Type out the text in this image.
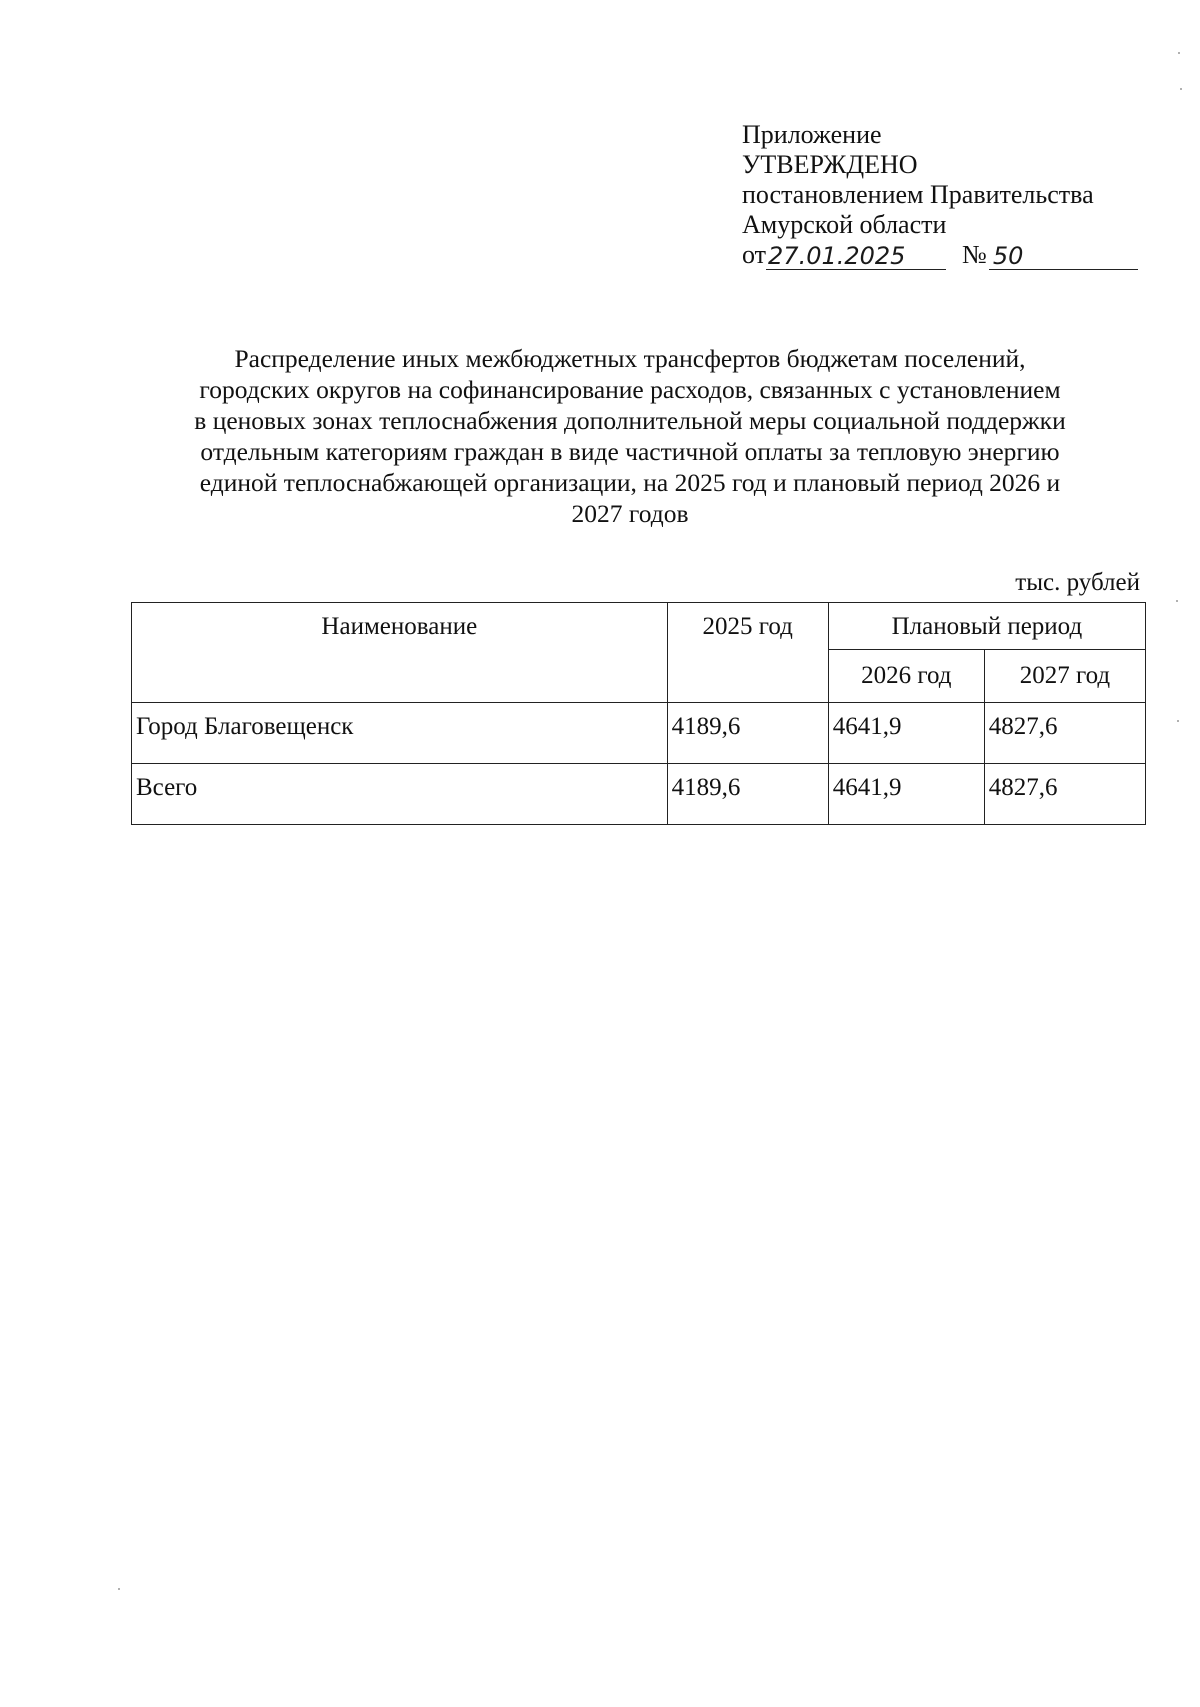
Приложение
УТВЕРЖДЕНО
постановлением Правительства
Амурской области
от 27.01.2025	№ 50
Распределение иных межбюджетных трансфертов бюджетам поселений,
городских округов на софинансирование расходов, связанных с установлением
в ценовых зонах теплоснабжения дополнительной меры социальной поддержки
отдельным категориям граждан в виде частичной оплаты за тепловую энергию
единой теплоснабжающей организации, на 2025 год и плановый период 2026 и
2027 годов
тыс. рублей
Наименование	2025 год	Плановый период	
		2026 год	2027 год
Город Благовещенск	4189,6	4641,9	4827,6
Всего	4189,6	4641,9	4827,6
